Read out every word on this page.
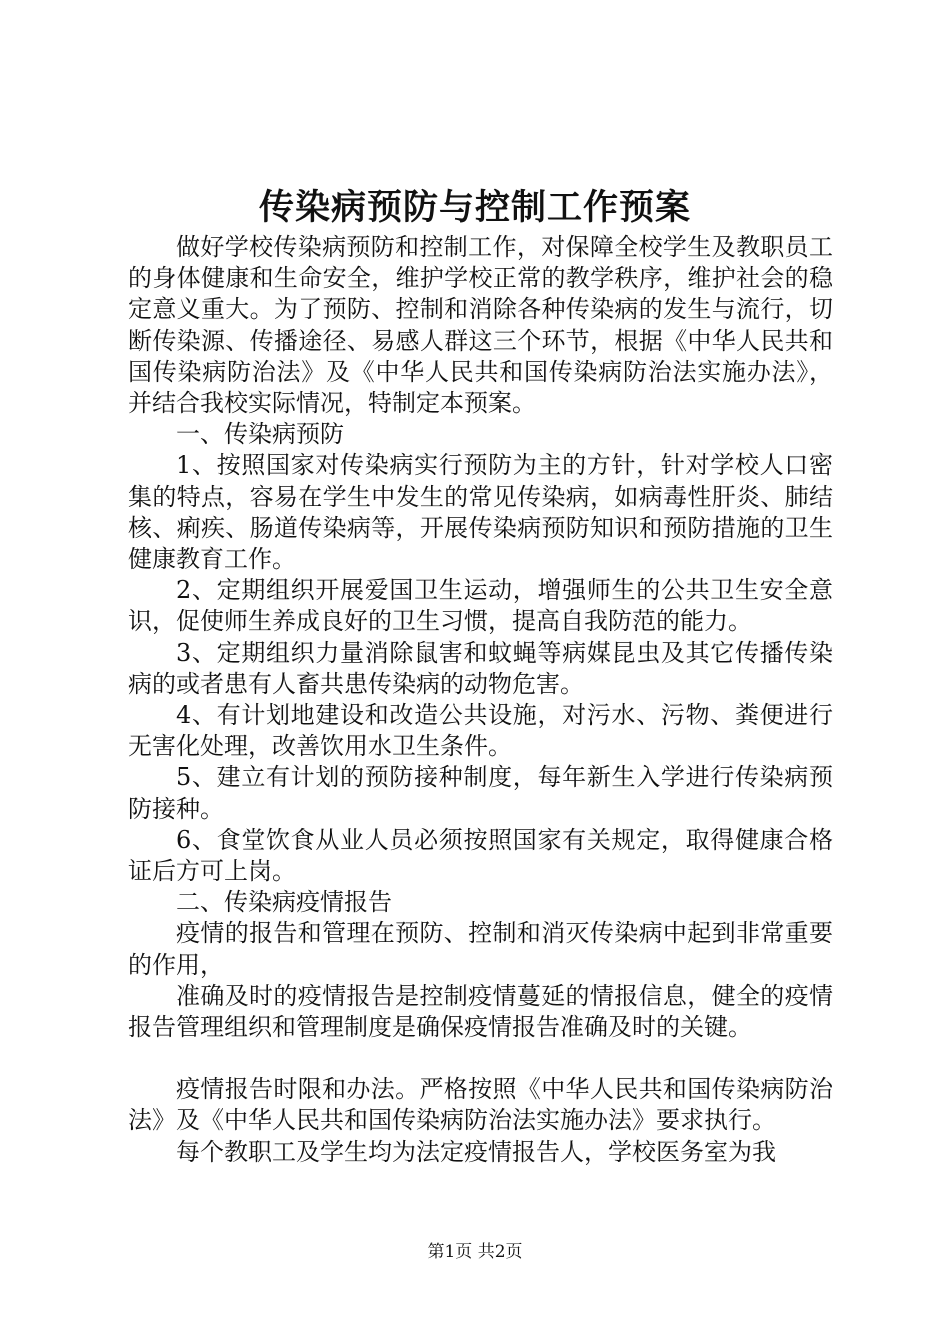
传染病预防与控制工作预案

做好学校传染病预防和控制工作，对保障全校学生及教职员工的身体健康和生命安全，维护学校正常的教学秩序，维护社会的稳定意义重大。为了预防、控制和消除各种传染病的发生与流行，切断传染源、传播途径、易感人群这三个环节，根据《中华人民共和国传染病防治法》及《中华人民共和国传染病防治法实施办法》，并结合我校实际情况，特制定本预案。

一、传染病预防

1、按照国家对传染病实行预防为主的方针，针对学校人口密集的特点，容易在学生中发生的常见传染病，如病毒性肝炎、肺结核、痢疾、肠道传染病等，开展传染病预防知识和预防措施的卫生健康教育工作。

2、定期组织开展爱国卫生运动，增强师生的公共卫生安全意识，促使师生养成良好的卫生习惯，提高自我防范的能力。

3、定期组织力量消除鼠害和蚊蝇等病媒昆虫及其它传播传染病的或者患有人畜共患传染病的动物危害。

4、有计划地建设和改造公共设施，对污水、污物、粪便进行无害化处理，改善饮用水卫生条件。

5、建立有计划的预防接种制度，每年新生入学进行传染病预防接种。

6、食堂饮食从业人员必须按照国家有关规定，取得健康合格证后方可上岗。

二、传染病疫情报告

疫情的报告和管理在预防、控制和消灭传染病中起到非常重要的作用，

准确及时的疫情报告是控制疫情蔓延的情报信息，健全的疫情报告管理组织和管理制度是确保疫情报告准确及时的关键。

疫情报告时限和办法。严格按照《中华人民共和国传染病防治法》及《中华人民共和国传染病防治法实施办法》要求执行。

每个教职工及学生均为法定疫情报告人，学校医务室为我

第1页 共2页
